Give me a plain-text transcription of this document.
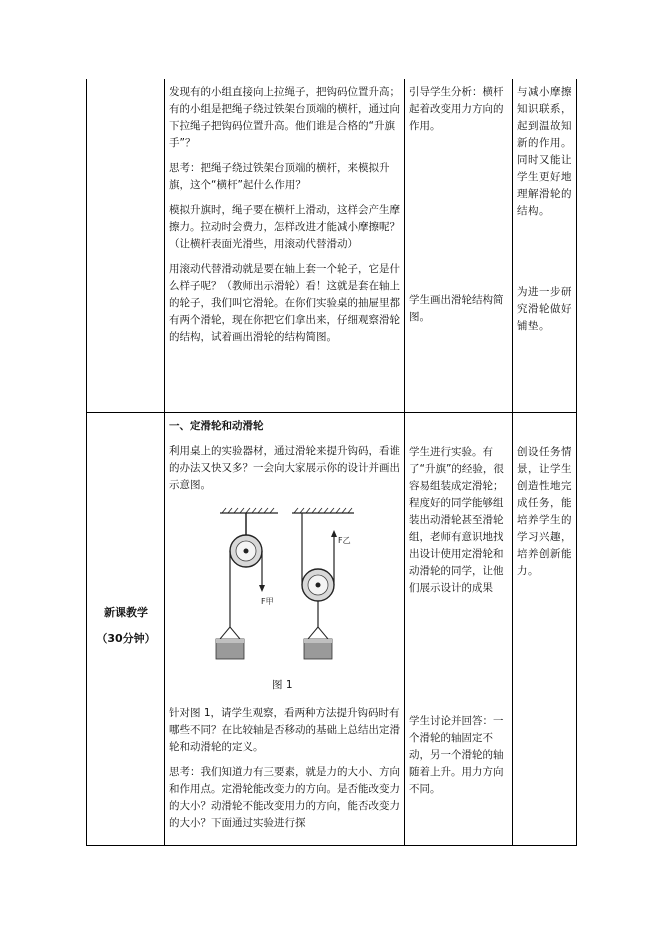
发现有的小组直接向上拉绳子，把钩码位置升高；有的小组是把绳子绕过铁架台顶端的横杆，通过向下拉绳子把钩码位置升高。他们谁是合格的“升旗手”？

思考：把绳子绕过铁架台顶端的横杆，来模拟升旗，这个“横杆”起什么作用？

模拟升旗时，绳子要在横杆上滑动，这样会产生摩擦力。拉动时会费力，怎样改进才能减小摩擦呢？（让横杆表面光滑些，用滚动代替滑动）

用滚动代替滑动就是要在轴上套一个轮子，它是什么样子呢？（教师出示滑轮）看！这就是套在轴上的轮子，我们叫它滑轮。在你们实验桌的抽屉里都有两个滑轮，现在你把它们拿出来，仔细观察滑轮的结构，试着画出滑轮的结构简图。

引导学生分析：横杆起着改变用力方向的作用。

学生画出滑轮结构简图。

与减小摩擦知识联系，起到温故知新的作用。同时又能让学生更好地理解滑轮的结构。

为进一步研究滑轮做好铺垫。

新课教学
（30分钟）

一、定滑轮和动滑轮

利用桌上的实验器材，通过滑轮来提升钩码，看谁的办法又快又多？一会向大家展示你的设计并画出示意图。

F甲
F乙
图 1

针对图 1，请学生观察，看两种方法提升钩码时有哪些不同？在比较轴是否移动的基础上总结出定滑轮和动滑轮的定义。

思考：我们知道力有三要素，就是力的大小、方向和作用点。定滑轮能改变力的方向。是否能改变力的大小？动滑轮不能改变用力的方向，能否改变力的大小？下面通过实验进行探

学生进行实验。有了“升旗”的经验，很容易组装成定滑轮；程度好的同学能够组装出动滑轮甚至滑轮组，老师有意识地找出设计使用定滑轮和动滑轮的同学，让他们展示设计的成果

学生讨论并回答：一个滑轮的轴固定不动，另一个滑轮的轴随着上升。用力方向不同。

创设任务情景，让学生创造性地完成任务，能培养学生的学习兴趣，培养创新能力。
